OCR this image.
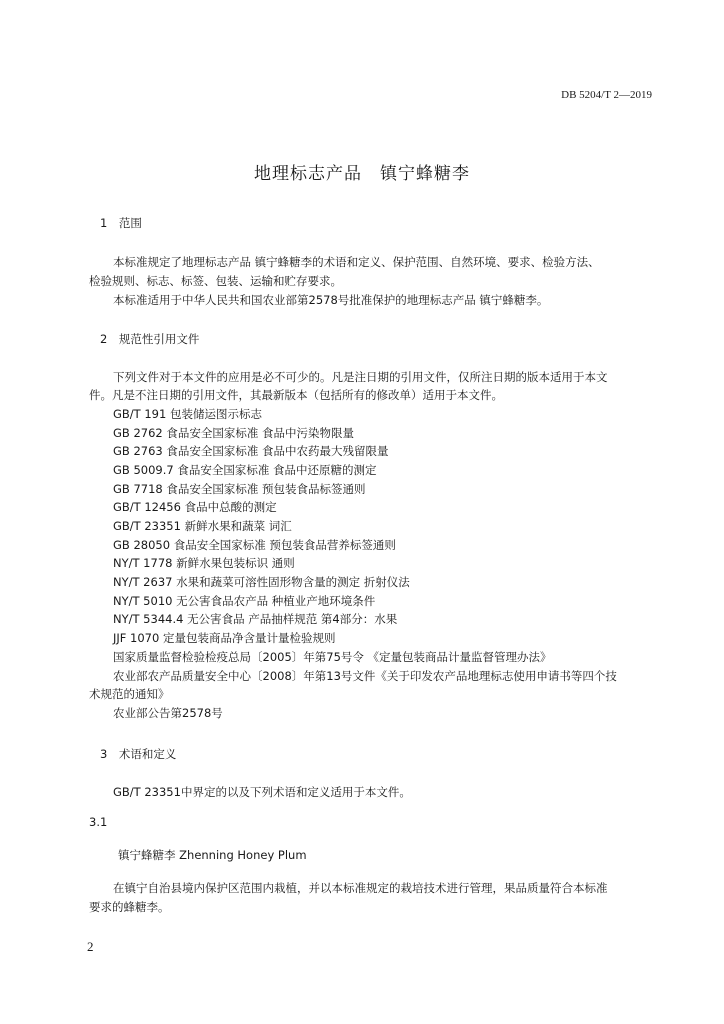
DB 5204/T 2—2019
地理标志产品　镇宁蜂糖李
1　范围
本标准规定了地理标志产品 镇宁蜂糖李的术语和定义、保护范围、自然环境、要求、检验方法、
检验规则、标志、标签、包装、运输和贮存要求。
本标准适用于中华人民共和国农业部第2578号批准保护的地理标志产品 镇宁蜂糖李。
2　规范性引用文件
下列文件对于本文件的应用是必不可少的。凡是注日期的引用文件，仅所注日期的版本适用于本文
件。凡是不注日期的引用文件，其最新版本（包括所有的修改单）适用于本文件。
GB/T 191 包装储运图示标志
GB 2762 食品安全国家标准 食品中污染物限量
GB 2763 食品安全国家标准 食品中农药最大残留限量
GB 5009.7 食品安全国家标准 食品中还原糖的测定
GB 7718 食品安全国家标准 预包装食品标签通则
GB/T 12456 食品中总酸的测定
GB/T 23351 新鲜水果和蔬菜 词汇
GB 28050 食品安全国家标准 预包装食品营养标签通则
NY/T 1778 新鲜水果包装标识 通则
NY/T 2637 水果和蔬菜可溶性固形物含量的测定 折射仪法
NY/T 5010 无公害食品农产品 种植业产地环境条件
NY/T 5344.4 无公害食品 产品抽样规范 第4部分：水果
JJF 1070 定量包装商品净含量计量检验规则
国家质量监督检验检疫总局〔2005〕年第75号令 《定量包装商品计量监督管理办法》
农业部农产品质量安全中心〔2008〕年第13号文件《关于印发农产品地理标志使用申请书等四个技
术规范的通知》
农业部公告第2578号
3　术语和定义
GB/T 23351中界定的以及下列术语和定义适用于本文件。
3.1
镇宁蜂糖李 Zhenning Honey Plum
在镇宁自治县境内保护区范围内栽植，并以本标准规定的栽培技术进行管理，果品质量符合本标准
要求的蜂糖李。
2
